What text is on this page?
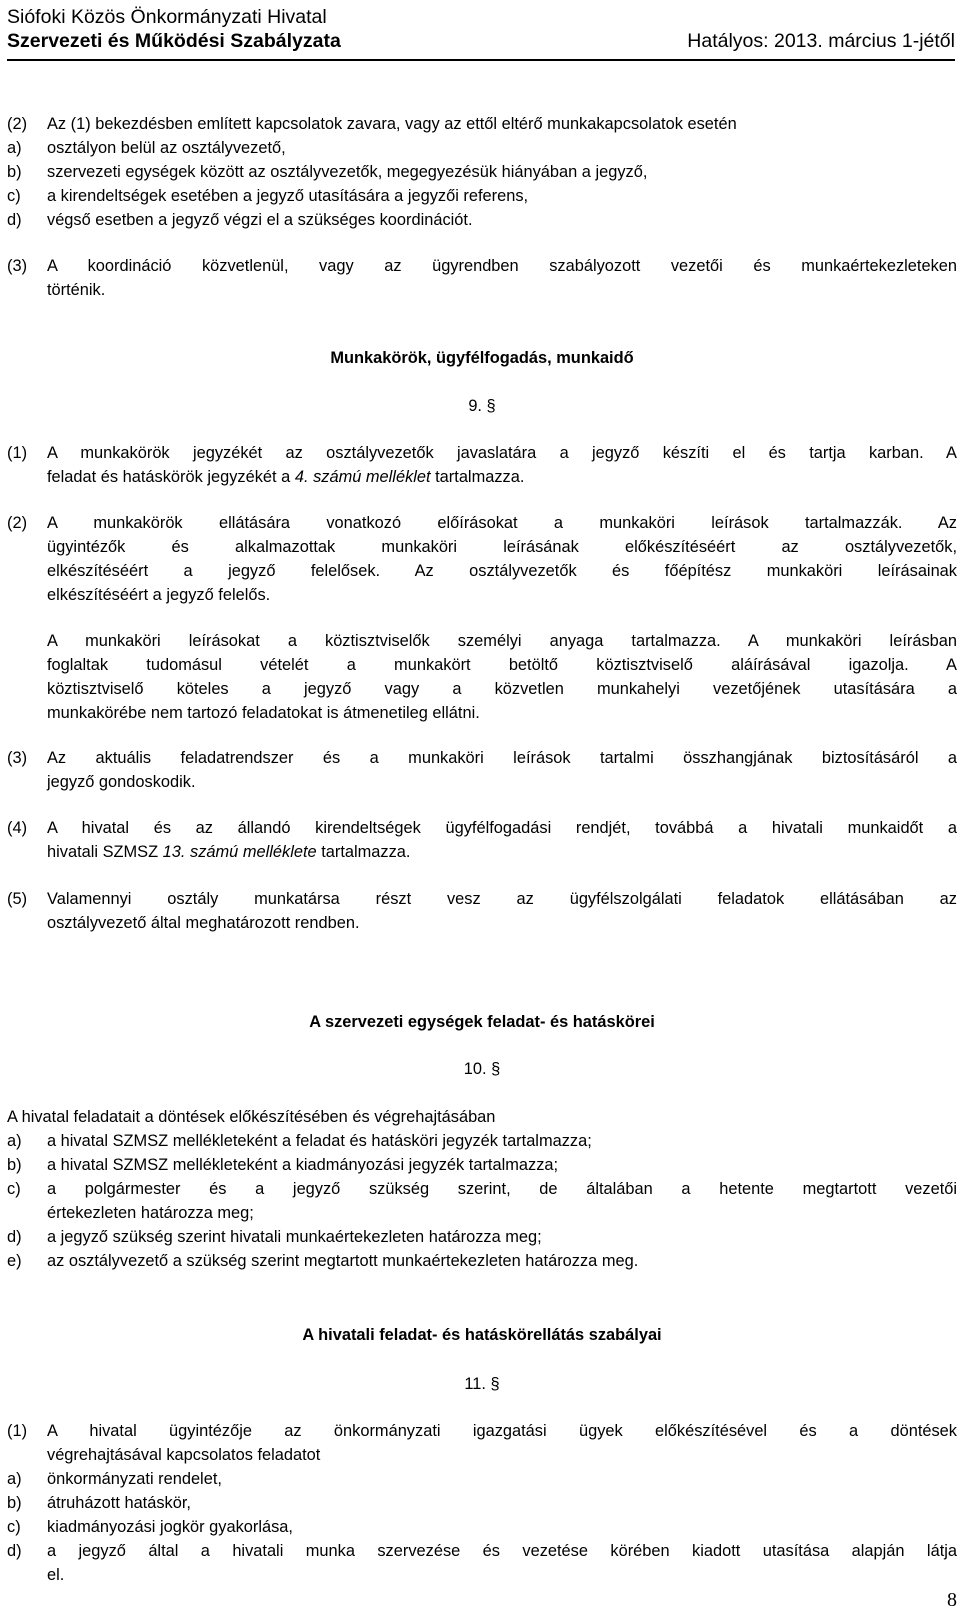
Siófoki Közös Önkormányzati Hivatal
Szervezeti és Működési Szabályzata	Hatályos: 2013. március 1-jétől
(2)	Az (1) bekezdésben említett kapcsolatok zavara, vagy az ettől eltérő munkakapcsolatok esetén
a)	osztályon belül az osztályvezető,
b)	szervezeti egységek között az osztályvezetők, megegyezésük hiányában a jegyző,
c)	a kirendeltségek esetében a jegyző utasítására a jegyzői referens,
d)	végső esetben a jegyző végzi el a szükséges koordinációt.
(3)	A koordináció közvetlenül, vagy az ügyrendben szabályozott vezetői és munkaértekezleteken
történik.
Munkakörök, ügyfélfogadás, munkaidő
9. §
(1)	A munkakörök jegyzékét az osztályvezetők javaslatára a jegyző készíti el és tartja karban. A
feladat és hatáskörök jegyzékét a 4. számú melléklet tartalmazza.
(2)	A munkakörök ellátására vonatkozó előírásokat a munkaköri leírások tartalmazzák. Az
ügyintézők és alkalmazottak munkaköri leírásának előkészítéséért az osztályvezetők,
elkészítéséért a jegyző felelősek. Az osztályvezetők és főépítész munkaköri leírásainak
elkészítéséért a jegyző felelős.
A munkaköri leírásokat a köztisztviselők személyi anyaga tartalmazza. A munkaköri leírásban
foglaltak tudomásul vételét a munkakört betöltő köztisztviselő aláírásával igazolja. A
köztisztviselő köteles a jegyző vagy a közvetlen munkahelyi vezetőjének utasítására a
munkakörébe nem tartozó feladatokat is átmenetileg ellátni.
(3)	Az aktuális feladatrendszer és a munkaköri leírások tartalmi összhangjának biztosításáról a
jegyző gondoskodik.
(4)	A hivatal és az állandó kirendeltségek ügyfélfogadási rendjét, továbbá a hivatali munkaidőt a
hivatali SZMSZ 13. számú melléklete tartalmazza.
(5)	Valamennyi osztály munkatársa részt vesz az ügyfélszolgálati feladatok ellátásában az
osztályvezető által meghatározott rendben.
A szervezeti egységek feladat- és hatáskörei
10. §
A hivatal feladatait a döntések előkészítésében és végrehajtásában
a)	a hivatal SZMSZ mellékleteként a feladat és hatásköri jegyzék tartalmazza;
b)	a hivatal SZMSZ mellékleteként a kiadmányozási jegyzék tartalmazza;
c)	a polgármester és a jegyző szükség szerint, de általában a hetente megtartott vezetői
értekezleten határozza meg;
d)	a jegyző szükség szerint hivatali munkaértekezleten határozza meg;
e)	az osztályvezető a szükség szerint megtartott munkaértekezleten határozza meg.
A hivatali feladat- és hatáskörellátás szabályai
11. §
(1)	A hivatal ügyintézője az önkormányzati igazgatási ügyek előkészítésével és a döntések
végrehajtásával kapcsolatos feladatot
a)	önkormányzati rendelet,
b)	átruházott hatáskör,
c)	kiadmányozási jogkör gyakorlása,
d)	a jegyző által a hivatali munka szervezése és vezetése körében kiadott utasítása alapján látja
el.
8
